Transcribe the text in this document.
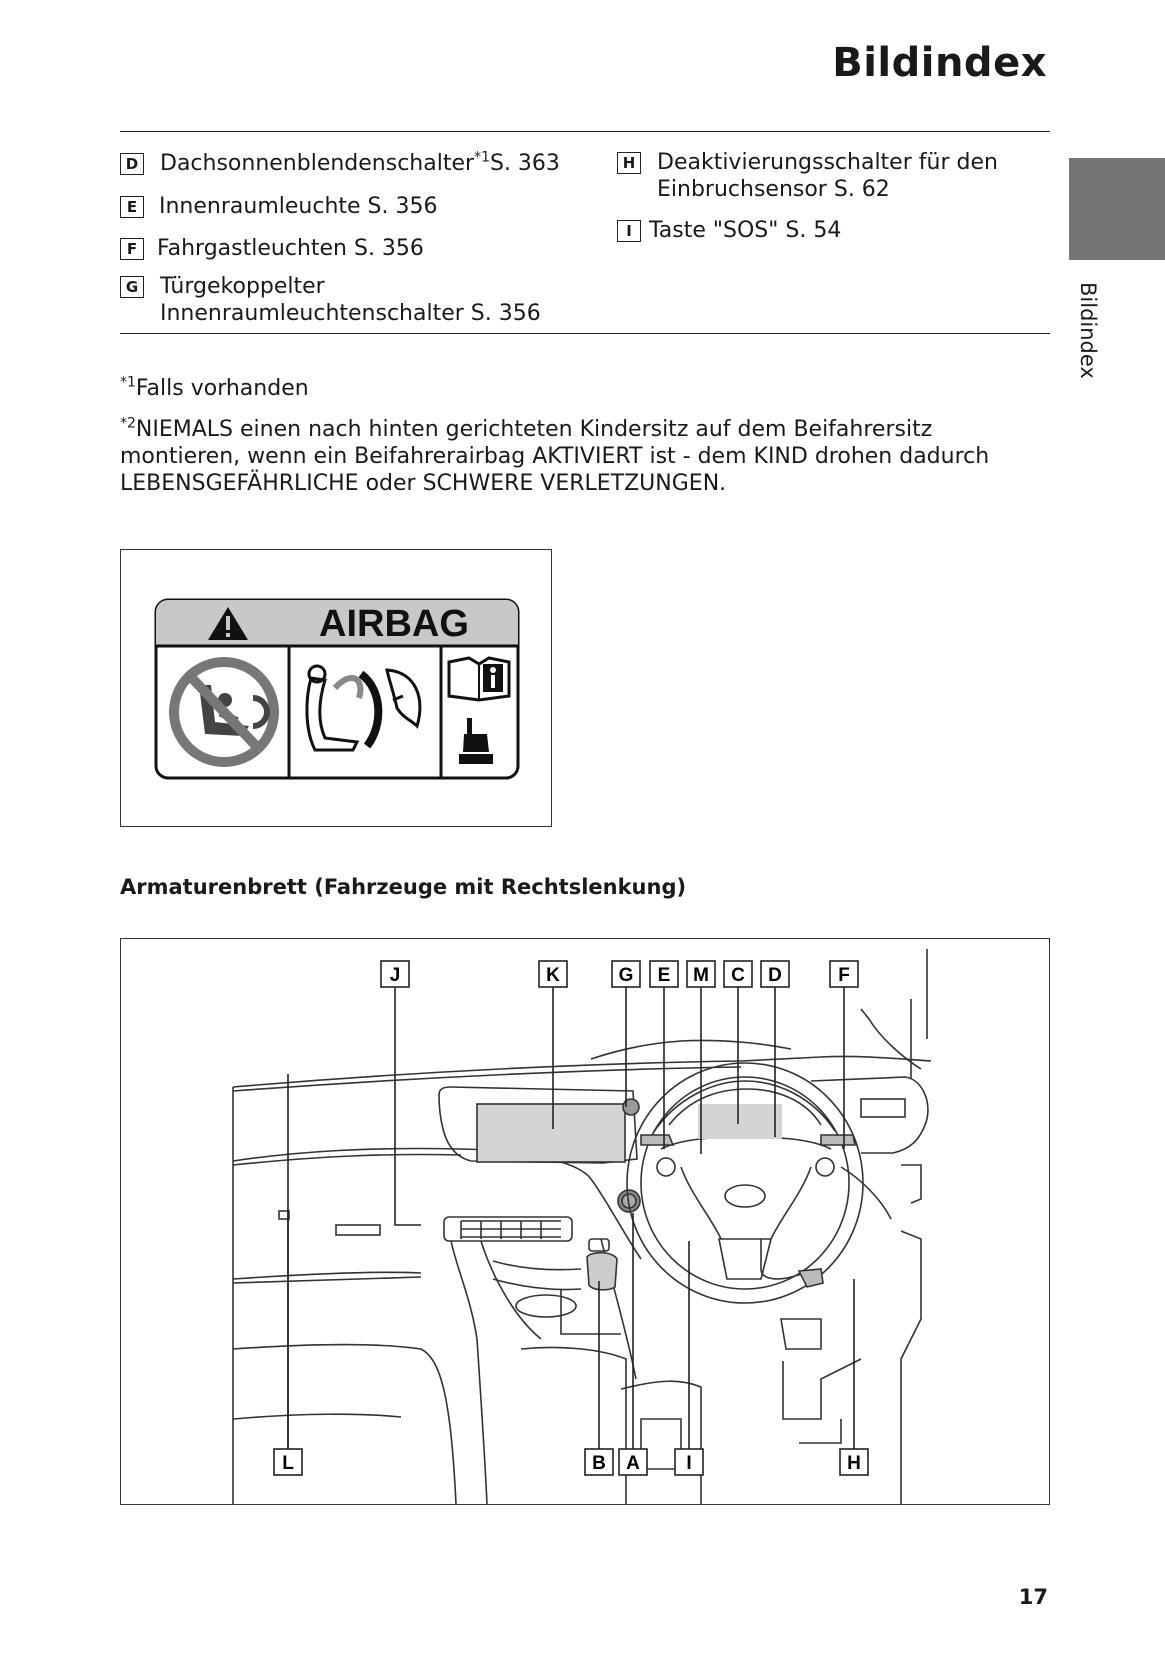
Bildindex
Bildindex
D Dachsonnenblendenschalter$^{*1}$S. 363
E Innenraumleuchte S. 356
F Fahrgastleuchten S. 356
G Türgekoppelter
Innenraumleuchtenschalter S. 356
H Deaktivierungsschalter für den
Einbruchsensor S. 62
I Taste "SOS" S. 54
$^{*1}$Falls vorhanden
$^{*2}$NIEMALS einen nach hinten gerichteten Kindersitz auf dem Beifahrersitz montieren, wenn ein Beifahrerairbag AKTIVIERT ist - dem KIND drohen dadurch LEBENSGEFÄHRLICHE oder SCHWERE VERLETZUNGEN.
AIRBAG
Armaturenbrett (Fahrzeuge mit Rechtslenkung)
J	K	G E M C D	F
L	B A I	H
17
